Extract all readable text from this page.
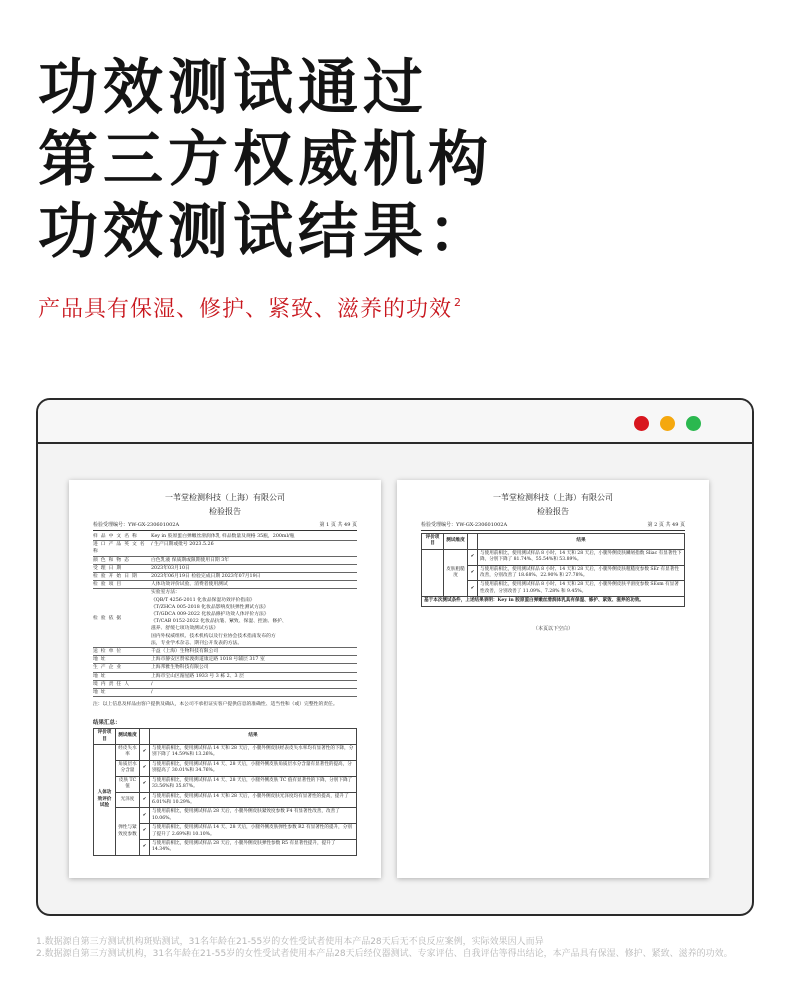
功效测试通过
第三方权威机构
功效测试结果：
产品具有保湿、修护、紧致、滋养的功效 $^2$
一苇堂检测科技（上海）有限公司
检验报告
检验受理编号：YW-GX-230601002A	第 1 页 共 49 页
样品中文名称	Key in 胶原蛋白弹嫩丝滑润体乳 样品数量及规格 35瓶，200ml/瓶
进口产品英文名称
/ 生产日期或批号 2023.5.26
颜色和物态	白色乳液 保质期或限期使用日期 3年
受理日期	2023年03月10日
检验开始日期	2023年06月19日 检验完成日期 2023年07月19日
检验项目	人体功效评价试验、消费者使用测试
检验依据
实验室方法：
《QB/T 4256-2011 化妆品保湿功效评价指南》
《T/ZHCA 005-2018 化妆品影响皮肤弹性测试方法》
《T/GDCA 009-2022 化妆品修护功效人体评价方法》
《T/CAB 0152-2022 化妆品抗皱、紧致、保湿、控油、修护、
滋养、舒缓七项功效测试方法》
国内外权威组织、技术机构以及行业协会技术指南发布的方
法，专业学术杂志、期刊公开发表的方法。
送检单位	千益（上海）生物科技有限公司
地址	上海市静安区赞家渡街道康定路 1018 号辅层 317 室
生产企业	上海邦雅生物科技有限公司
地址	上海市宝山区湄星路 1933 号 3 栋 2、3 层
境内责任人	/
地址	/
注：以上信息及样品由客户提供及确认，本公司不承担证实客户提供信息的准确性、适当性和（或）完整性的责任。
结果汇总：
评价项目	测试维度		结果
人体功效评价试验	经皮失水率	✔	与使用前相比，使用测试样品 14 天和 28 天后，小腿外侧皮肤经表皮失水率均有显著性的下降，分别下降了 14.59%和 13.26%。
	角质层水分含量	✔	与使用前相比，使用测试样品 14 天、28 天后，小腿外侧皮肤角质层水分含量有显著性的提高，分别提高了 30.01%和 34.76%。
	皮肤 TC 值	✔	与使用前相比，使用测试样品 14 天、28 天后，小腿外侧皮肤 TC 值有显著性的下降，分别下降了 33.56%和 35.87%。
	光泽度	✔	与使用前相比，使用测试样品 14 天和 28 天后，小腿外侧皮肤光泽度均有显著性的提高，提升了 6.01%和 10.29%。
	弹性与紧致度参数	✔	与使用前相比，使用测试样品 28 天后，小腿外侧皮肤紧致度参数 F4 有显著性改善，改善了 10.06%。
		✔	与使用前相比，使用测试样品 14 天、28 天后，小腿外侧皮肤弹性参数 R2 有显著性的提升，分别了提升了 2.69%和 10.10%。
		✔	与使用前相比，使用测试样品 28 天后，小腿外侧皮肤弹性参数 R5 有显著性提升，提升了 14.34%。
一苇堂检测科技（上海）有限公司
检验报告
检验受理编号：YW-GX-230601002A	第 2 页 共 49 页
评价项目	测试维度		结果
	皮肤粗糙度	✔	与使用前相比，使用测试样品 8 小时、14 天和 28 天后，小腿外侧皮肤鳞屑指数 Sliac 有显著性下降，分别下降了 81.74%、55.54%和 53.89%。
		✔	与使用前相比，使用测试样品 8 小时、14 天和 28 天后，小腿外侧皮肤粗糙度参数 SEr 有显著性改善，分别改善了 18.68%、22.90% 和 27.78%。
		✔	与使用前相比，使用测试样品 8 小时、14 天和 28 天后，小腿外侧皮肤平滑度参数 SEsm 有显著性改善，分别改善了 11.09%、7.28% 和 9.45%。
基于本次测试条件，上述结果表明：Key in 胶原蛋白弹嫩丝滑润体乳具有保湿、修护、紧致、滋养的功效。			
（本页以下空白）
1.数据源自第三方测试机构斑贴测试，31名年龄在21-55岁的女性受试者使用本产品28天后无不良反应案例，实际效果因人而异
2.数据源自第三方测试机构，31名年龄在21-55岁的女性受试者使用本产品28天后经仪器测试、专家评估、自我评估等得出结论，本产品具有保湿、修护、紧致、滋养的功效。
